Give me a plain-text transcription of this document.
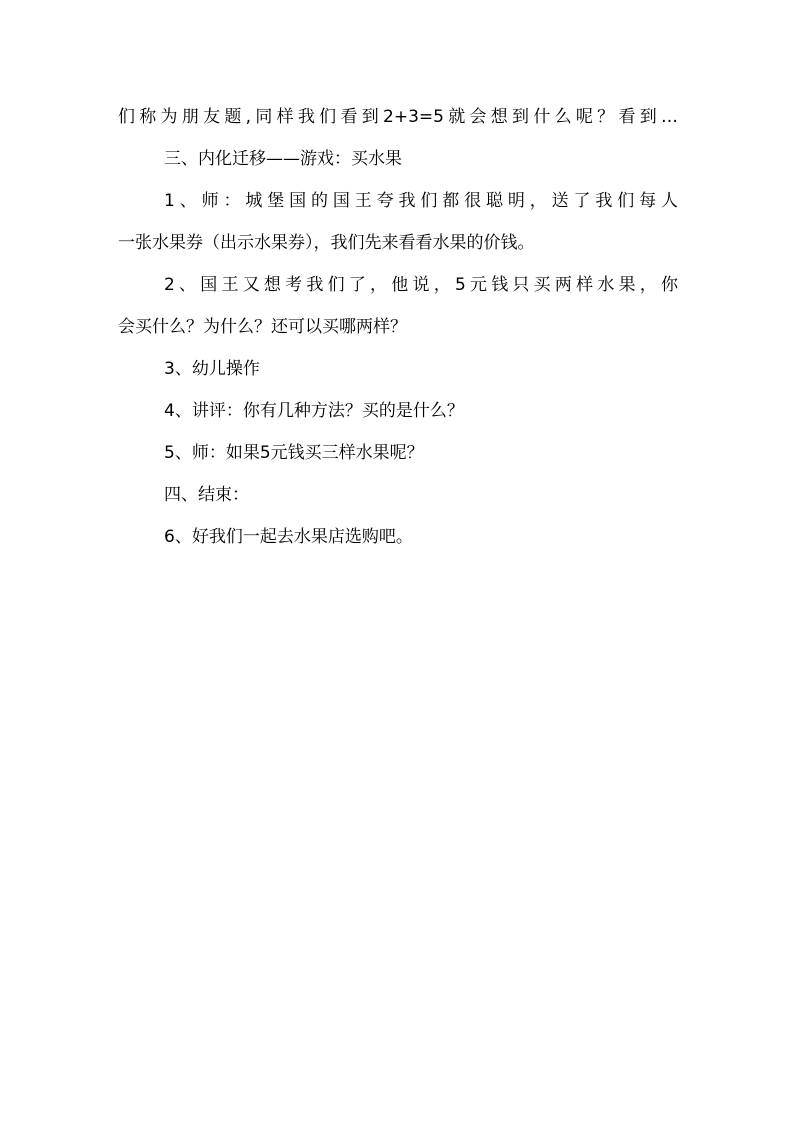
们称为朋友题,同样我们看到2+3=5就会想到什么呢？看到…
三、内化迁移——游戏：买水果
1、师：城堡国的国王夸我们都很聪明，送了我们每人
一张水果券（出示水果券），我们先来看看水果的价钱。
2、国王又想考我们了，他说，5元钱只买两样水果，你
会买什么？为什么？还可以买哪两样？
3、幼儿操作
4、讲评：你有几种方法？买的是什么？
5、师：如果5元钱买三样水果呢？
四、结束：
6、好我们一起去水果店选购吧。
